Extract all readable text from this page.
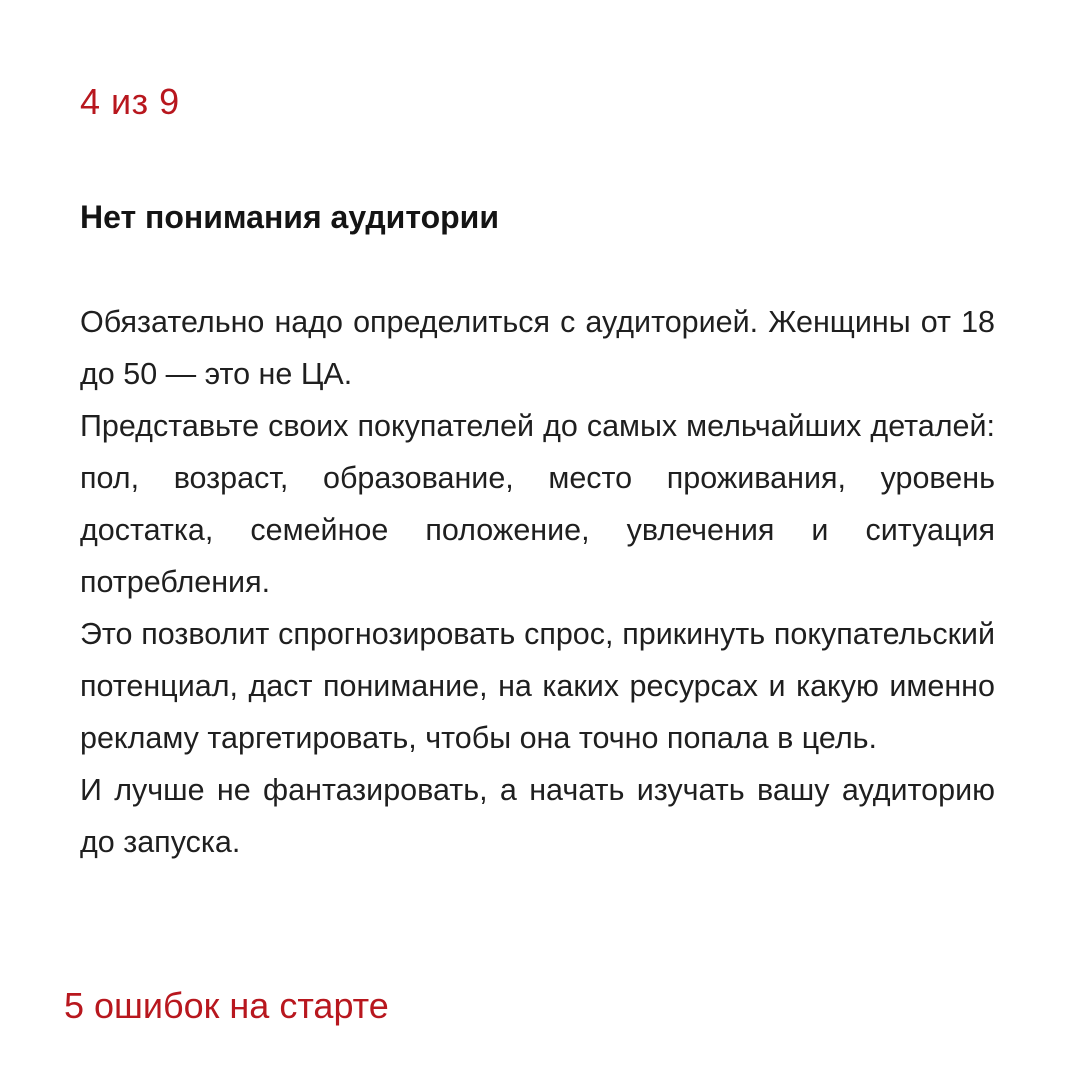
4 из 9
Нет понимания аудитории

Обязательно надо определиться с аудиторией. Женщины от 18 до 50 — это не ЦА.

Представьте своих покупателей до самых мельчайших деталей: пол, возраст, образование, место проживания, уровень достатка, семейное положение, увлечения и ситуация потребления.

Это позволит спрогнозировать спрос, прикинуть покупательский потенциал, даст понимание, на каких ресурсах и какую именно рекламу таргетировать, чтобы она точно попала в цель.

И лучше не фантазировать, а начать изучать вашу аудиторию до запуска.

5 ошибок на старте
